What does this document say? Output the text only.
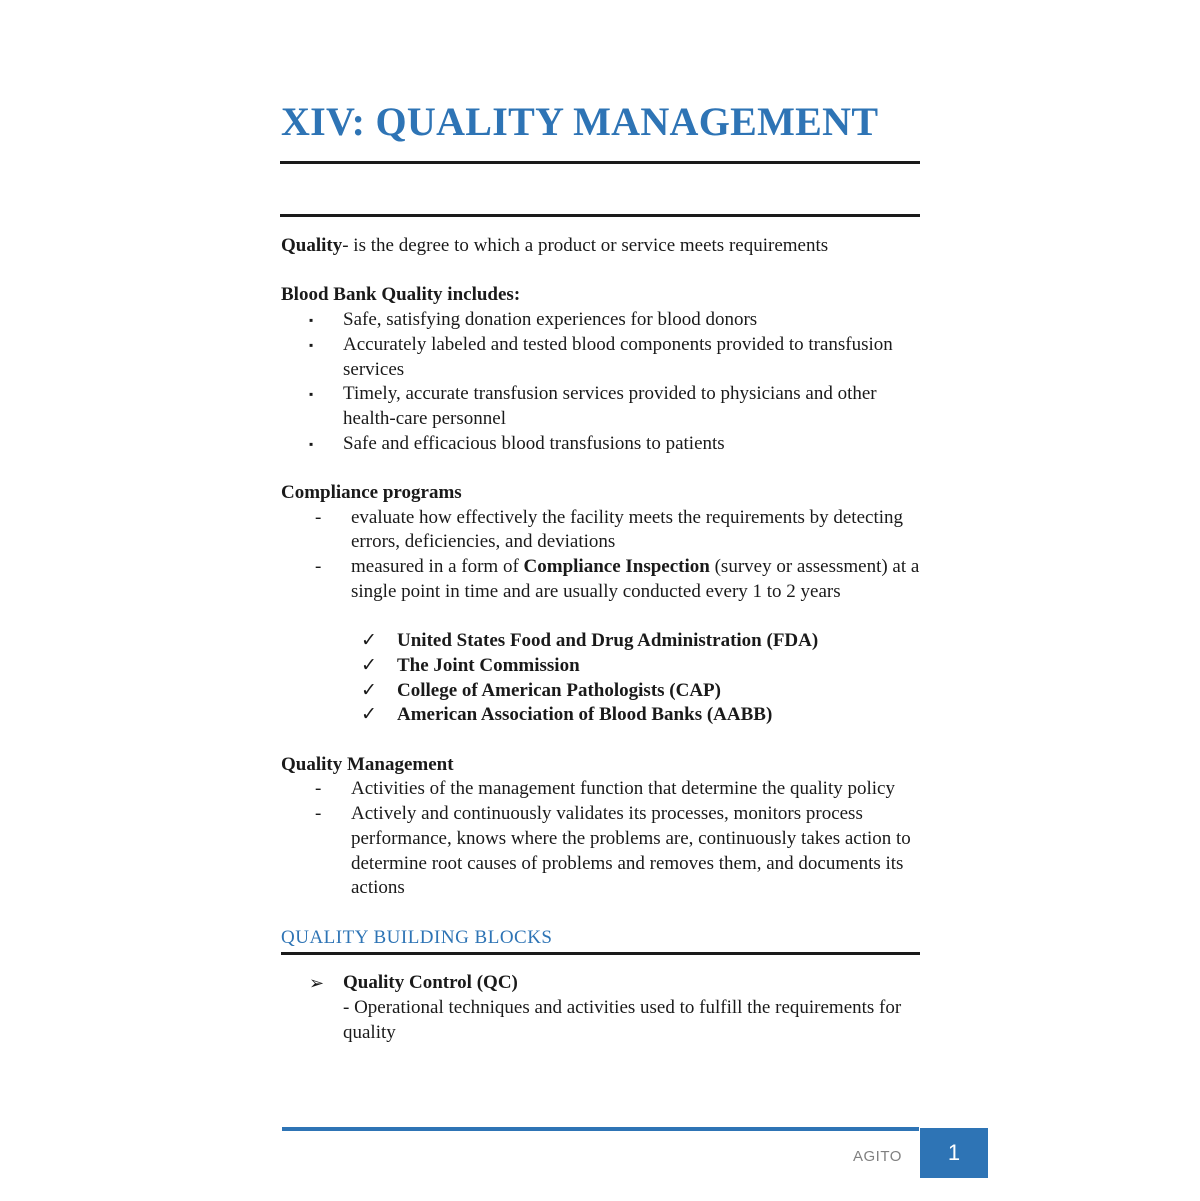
XIV: QUALITY MANAGEMENT

Quality- is the degree to which a product or service meets requirements

Blood Bank Quality includes:

▪ Safe, satisfying donation experiences for blood donors
▪ Accurately labeled and tested blood components provided to transfusion services
▪ Timely, accurate transfusion services provided to physicians and other health-care personnel
▪ Safe and efficacious blood transfusions to patients

Compliance programs

- evaluate how effectively the facility meets the requirements by detecting errors, deficiencies, and deviations
- measured in a form of Compliance Inspection (survey or assessment) at a single point in time and are usually conducted every 1 to 2 years
✓ United States Food and Drug Administration (FDA)
✓ The Joint Commission
✓ College of American Pathologists (CAP)
✓ American Association of Blood Banks (AABB)

Quality Management

- Activities of the management function that determine the quality policy
- Actively and continuously validates its processes, monitors process performance, knows where the problems are, continuously takes action to determine root causes of problems and removes them, and documents its actions

QUALITY BUILDING BLOCKS

➢ Quality Control (QC)
- Operational techniques and activities used to fulfill the requirements for quality
AGITO 1
